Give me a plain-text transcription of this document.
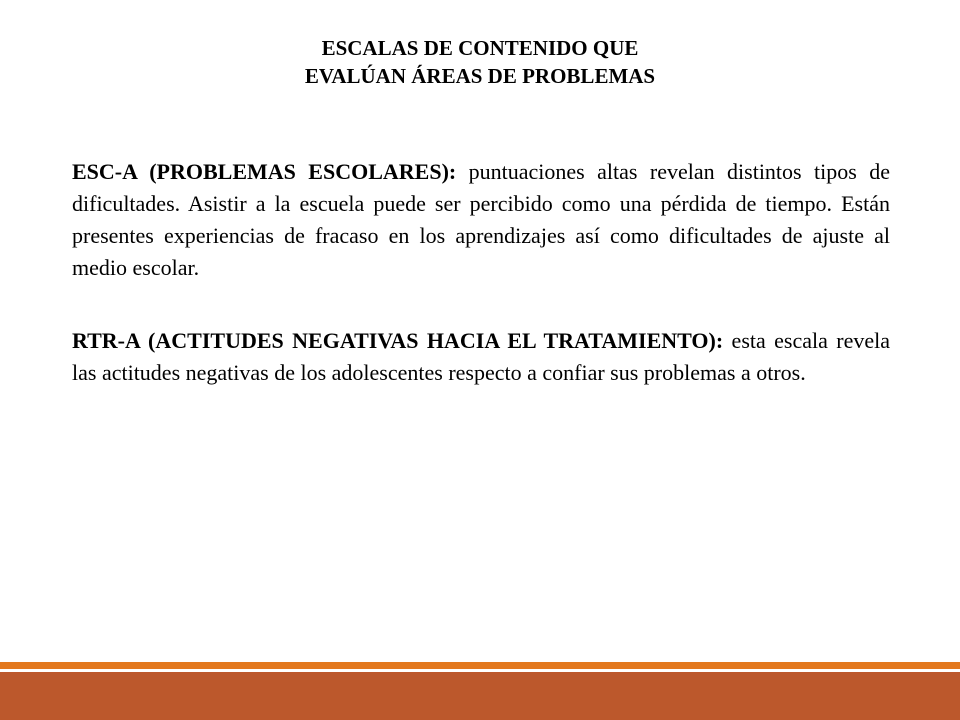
ESCALAS DE CONTENIDO QUE
EVALÚAN ÁREAS DE PROBLEMAS

ESC-A (PROBLEMAS ESCOLARES): puntuaciones altas revelan distintos tipos de dificultades. Asistir a la escuela puede ser percibido como una pérdida de tiempo. Están presentes experiencias de fracaso en los aprendizajes así como dificultades de ajuste al medio escolar.

RTR-A (ACTITUDES NEGATIVAS HACIA EL TRATAMIENTO): esta escala revela las actitudes negativas de los adolescentes respecto a confiar sus problemas a otros.
